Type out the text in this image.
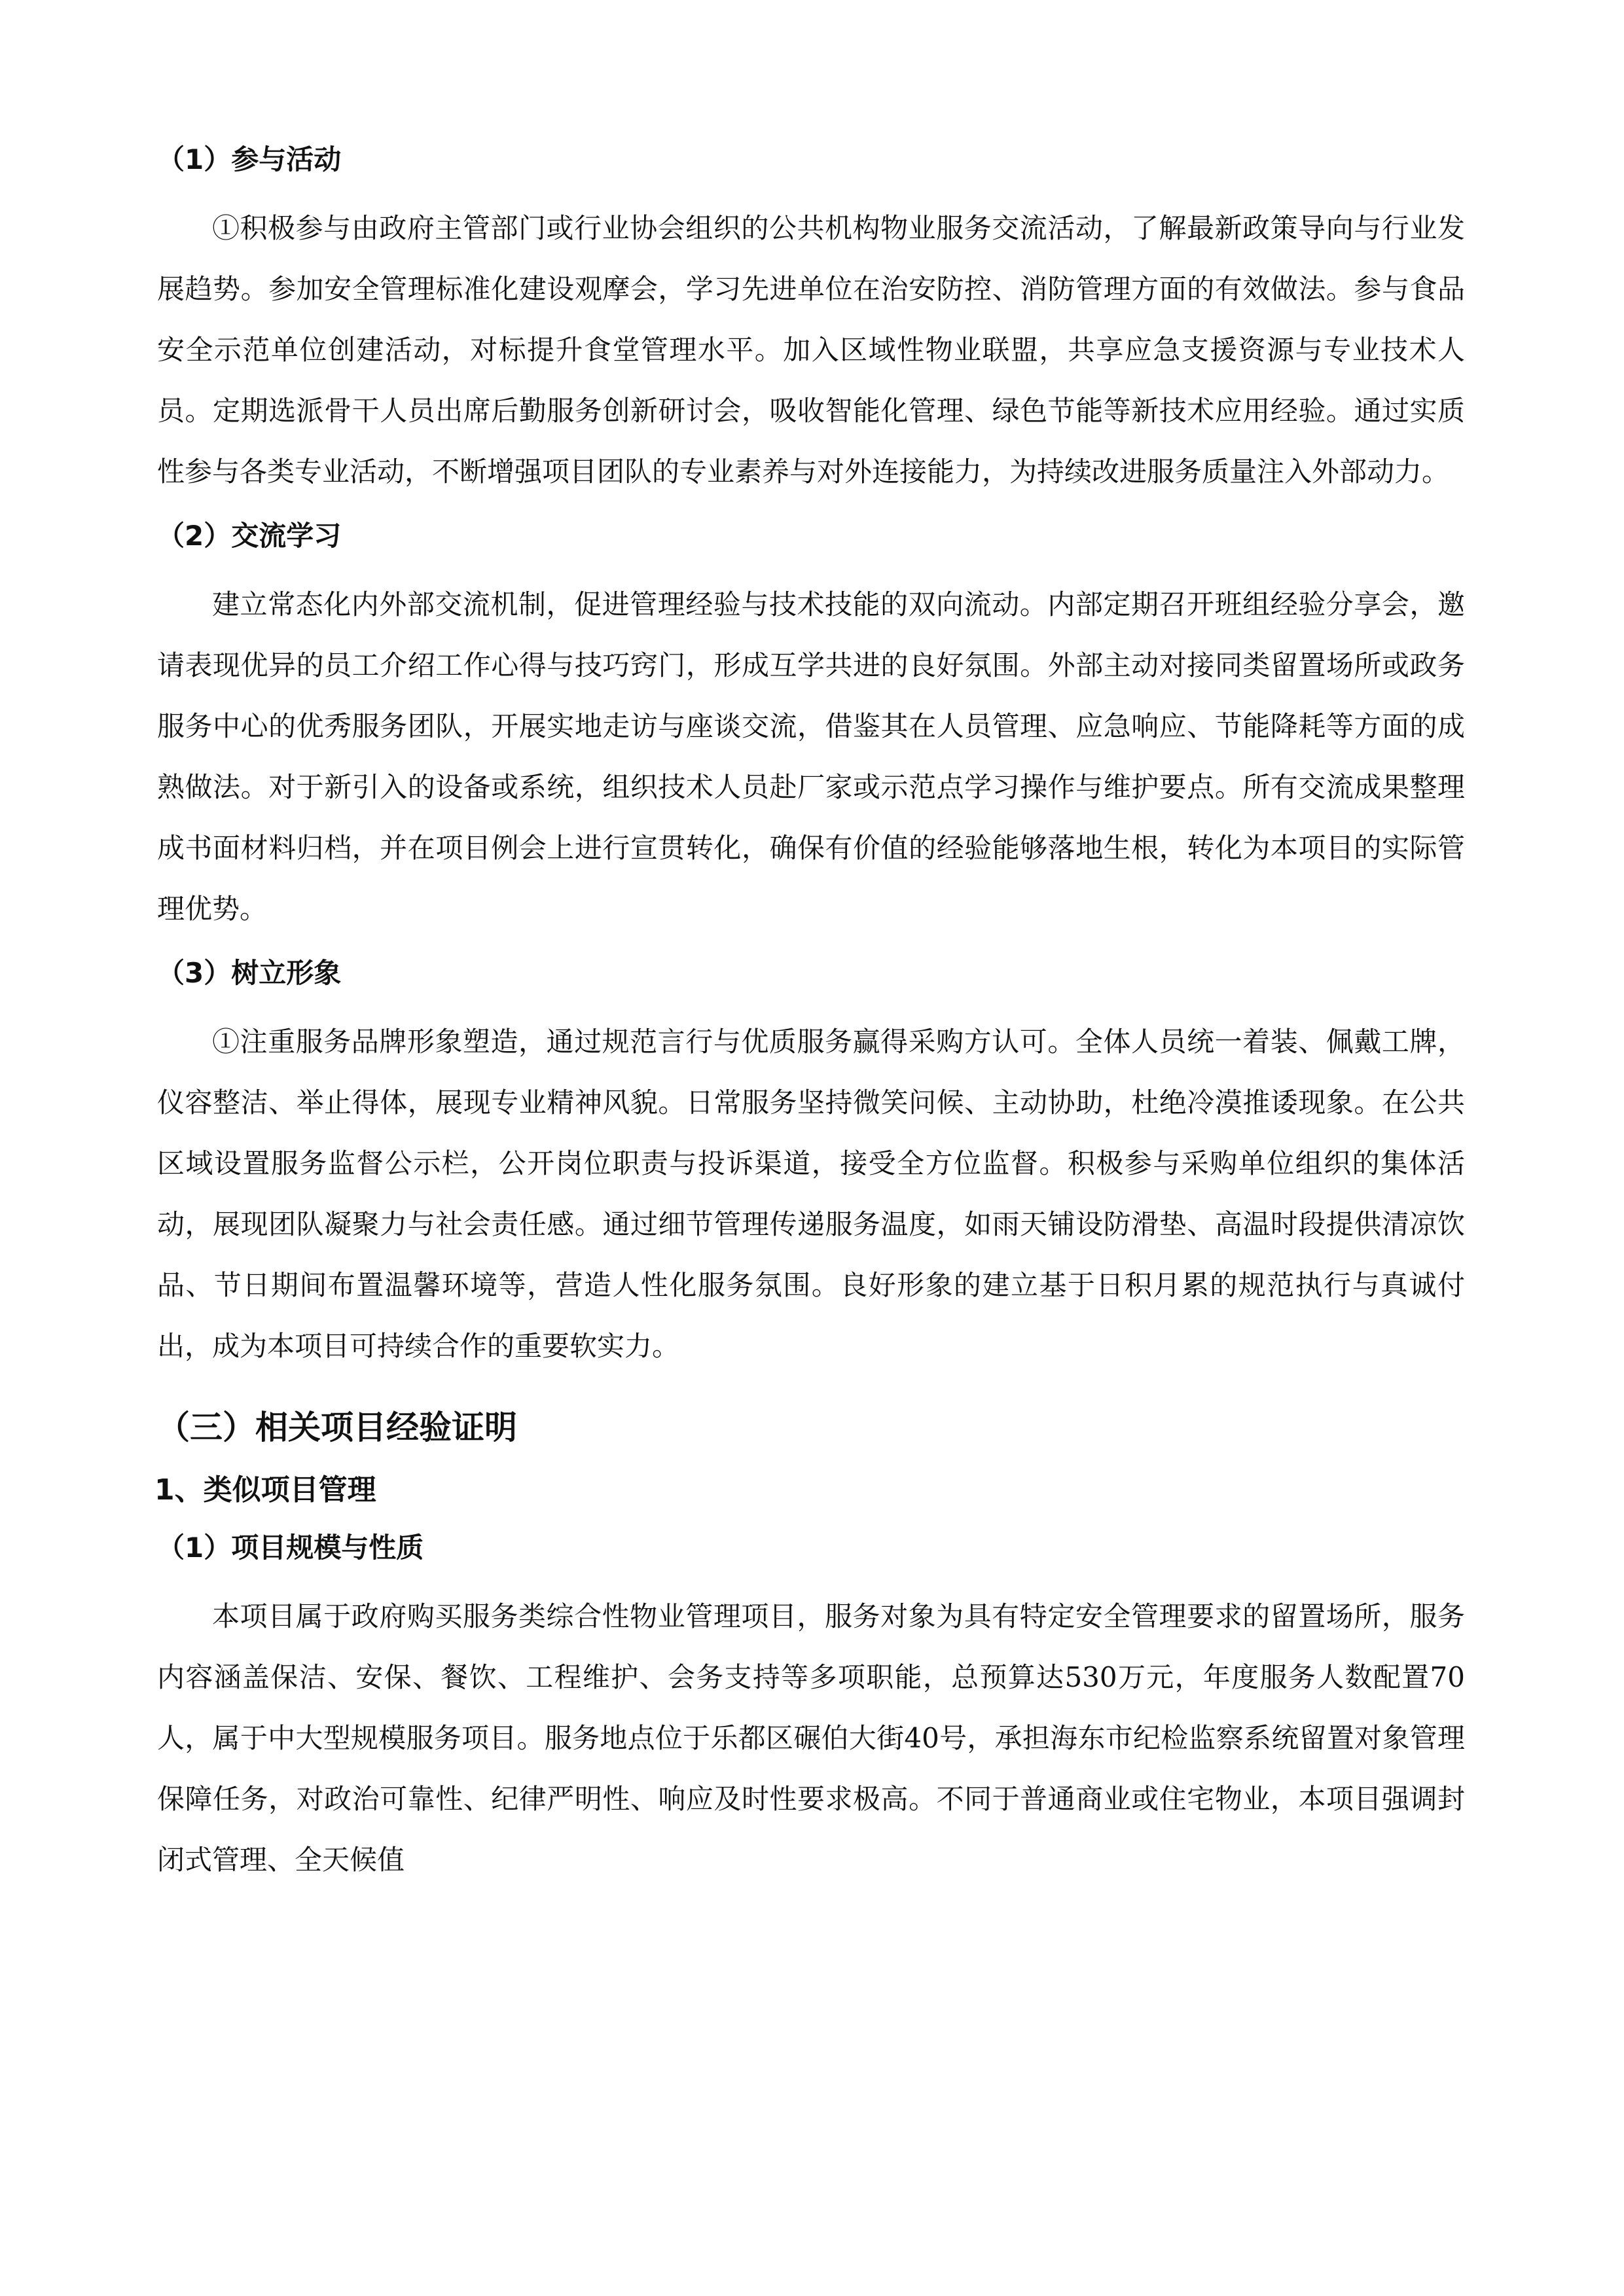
（1）参与活动

①积极参与由政府主管部门或行业协会组织的公共机构物业服务交流活动，了解最新政策导向与行业发展趋势。参加安全管理标准化建设观摩会，学习先进单位在治安防控、消防管理方面的有效做法。参与食品安全示范单位创建活动，对标提升食堂管理水平。加入区域性物业联盟，共享应急支援资源与专业技术人员。定期选派骨干人员出席后勤服务创新研讨会，吸收智能化管理、绿色节能等新技术应用经验。通过实质性参与各类专业活动，不断增强项目团队的专业素养与对外连接能力，为持续改进服务质量注入外部动力。

（2）交流学习

建立常态化内外部交流机制，促进管理经验与技术技能的双向流动。内部定期召开班组经验分享会，邀请表现优异的员工介绍工作心得与技巧窍门，形成互学共进的良好氛围。外部主动对接同类留置场所或政务服务中心的优秀服务团队，开展实地走访与座谈交流，借鉴其在人员管理、应急响应、节能降耗等方面的成熟做法。对于新引入的设备或系统，组织技术人员赴厂家或示范点学习操作与维护要点。所有交流成果整理成书面材料归档，并在项目例会上进行宣贯转化，确保有价值的经验能够落地生根，转化为本项目的实际管理优势。

（3）树立形象

①注重服务品牌形象塑造，通过规范言行与优质服务赢得采购方认可。全体人员统一着装、佩戴工牌，仪容整洁、举止得体，展现专业精神风貌。日常服务坚持微笑问候、主动协助，杜绝冷漠推诿现象。在公共区域设置服务监督公示栏，公开岗位职责与投诉渠道，接受全方位监督。积极参与采购单位组织的集体活动，展现团队凝聚力与社会责任感。通过细节管理传递服务温度，如雨天铺设防滑垫、高温时段提供清凉饮品、节日期间布置温馨环境等，营造人性化服务氛围。良好形象的建立基于日积月累的规范执行与真诚付出，成为本项目可持续合作的重要软实力。

（三）相关项目经验证明
1、类似项目管理
（1）项目规模与性质

本项目属于政府购买服务类综合性物业管理项目，服务对象为具有特定安全管理要求的留置场所，服务内容涵盖保洁、安保、餐饮、工程维护、会务支持等多项职能，总预算达530万元，年度服务人数配置70人，属于中大型规模服务项目。服务地点位于乐都区碾伯大街40号，承担海东市纪检监察系统留置对象管理保障任务，对政治可靠性、纪律严明性、响应及时性要求极高。不同于普通商业或住宅物业，本项目强调封闭式管理、全天候值
